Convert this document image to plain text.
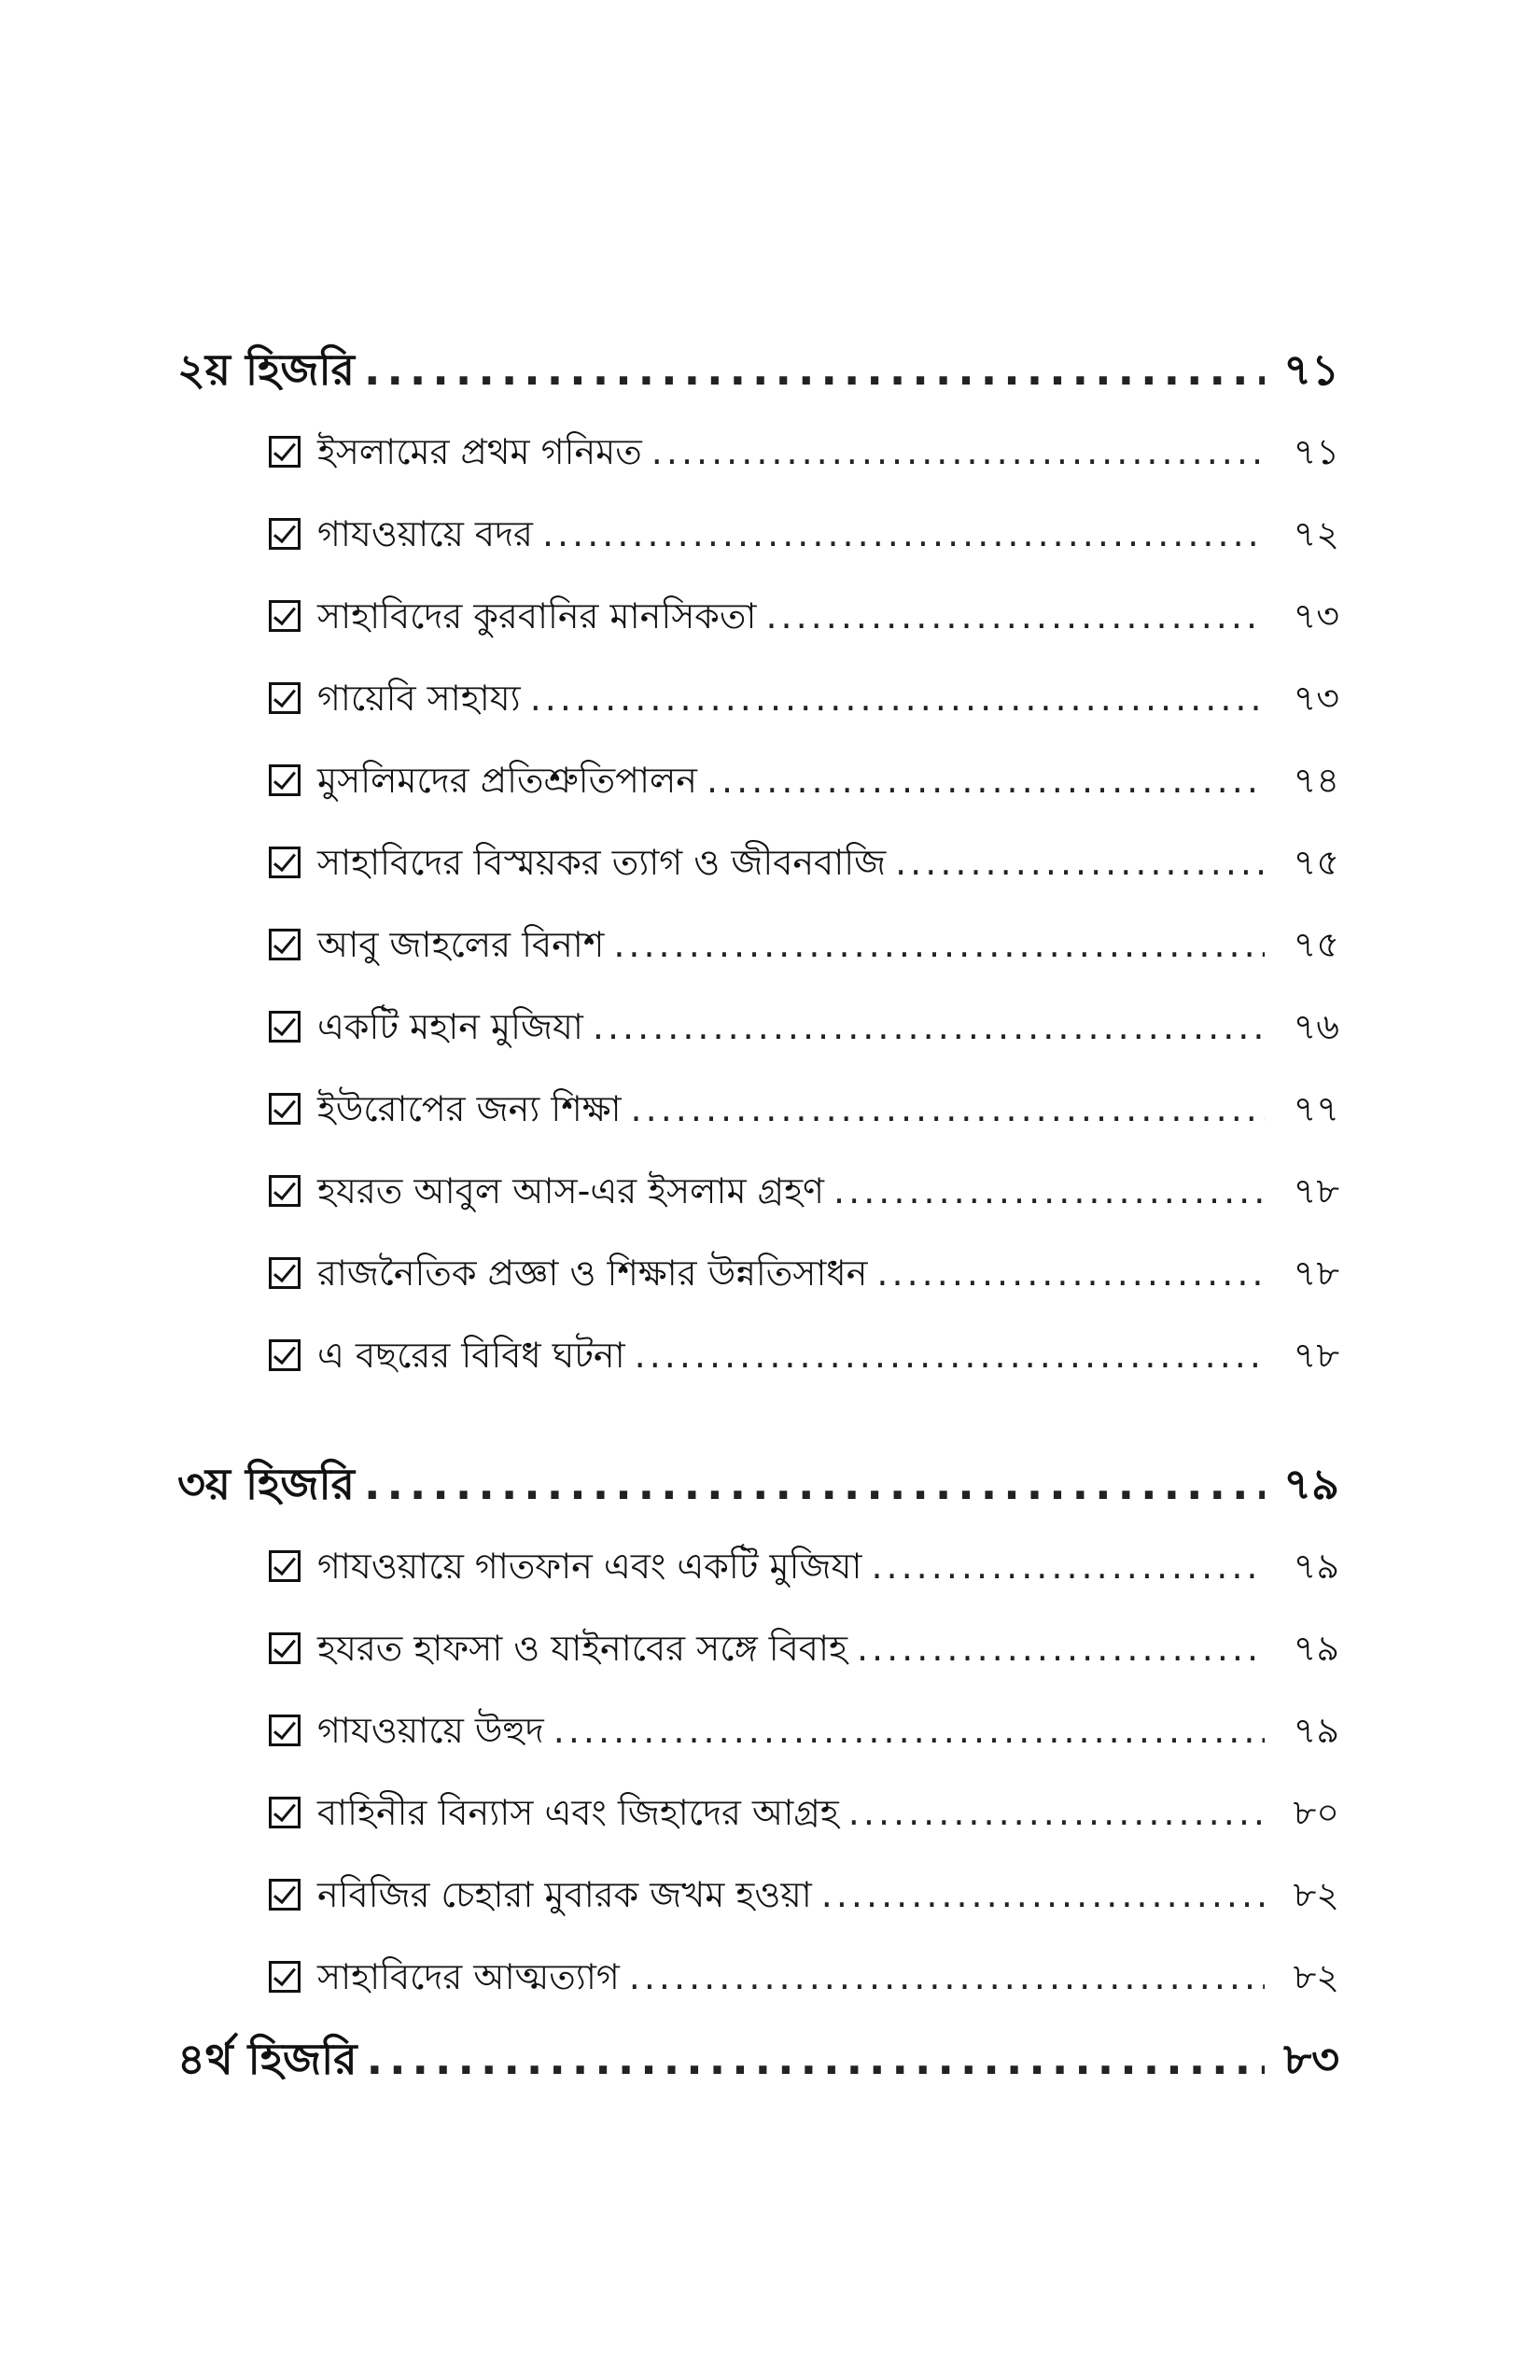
২য় হিজরি .....	৭১
ইসলামের প্রথম গনিমত .....	৭১
গাযওয়ায়ে বদর .....	৭২
সাহাবিদের কুরবানির মানসিকতা .....	৭৩
গায়েবি সাহায্য .....	৭৩
মুসলিমদের প্রতিশ্রুতিপালন .....	৭৪
সাহাবিদের বিস্ময়কর ত্যাগ ও জীবনবাজি .....	৭৫
আবু জাহলের বিনাশ .....	৭৫
একটি মহান মুজিযা .....	৭৬
ইউরোপের জন্য শিক্ষা .....	৭৭
হযরত আবুল আস-এর ইসলাম গ্রহণ .....	৭৮
রাজনৈতিক প্রজ্ঞা ও শিক্ষার উন্নতিসাধন .....	৭৮
এ বছরের বিবিধ ঘটনা .....	৭৮
৩য় হিজরি .....	৭৯
গাযওয়ায়ে গাতফান এবং একটি মুজিযা .....	৭৯
হযরত হাফসা ও যাইনাবের সঙ্গে বিবাহ .....	৭৯
গাযওয়ায়ে উহুদ .....	৭৯
বাহিনীর বিন্যাস এবং জিহাদের আগ্রহ .....	৮০
নবিজির চেহারা মুবারক জখম হওয়া .....	৮২
সাহাবিদের আত্মত্যাগ .....	৮২
৪র্থ হিজরি .....	৮৩
